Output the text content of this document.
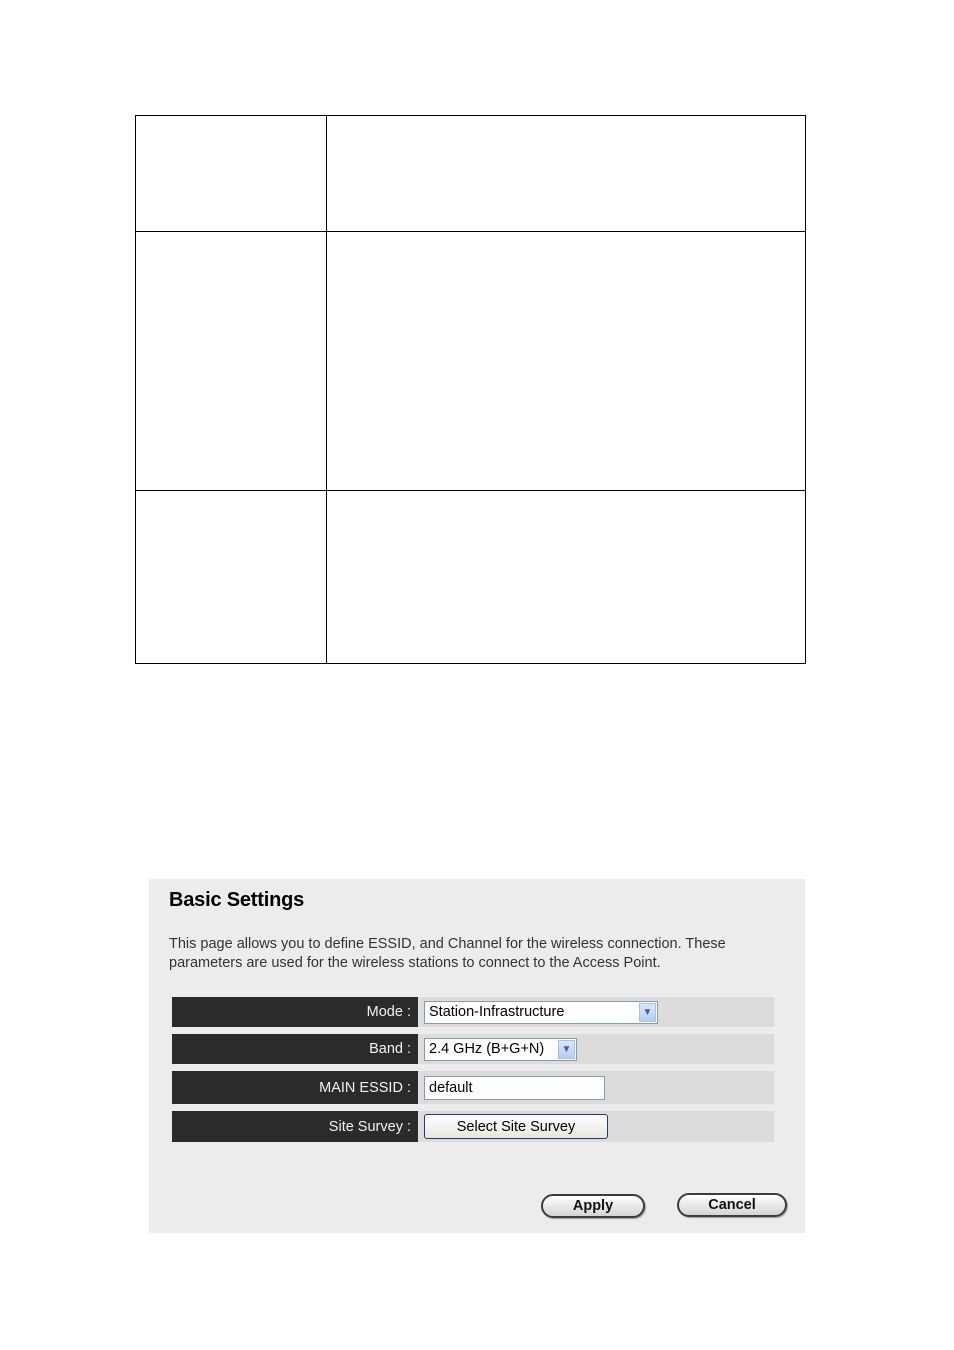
Basic Settings
This page allows you to define ESSID, and Channel for the wireless connection. These parameters are used for the wireless stations to connect to the Access Point.
Mode :	Station-Infrastructure	▼
Band :	2.4 GHz (B+G+N)	▼
MAIN ESSID :	default
Site Survey :	Select Site Survey
Apply	Cancel
